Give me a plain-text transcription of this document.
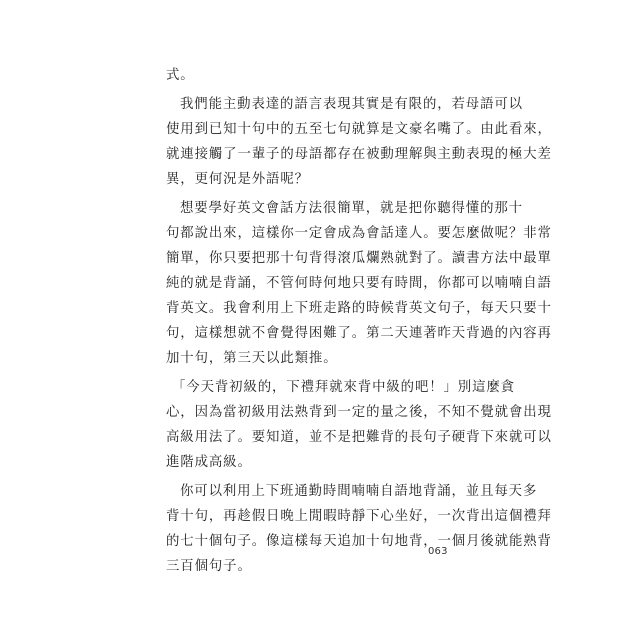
式。

我們能主動表達的語言表現其實是有限的，若母語可以

使用到已知十句中的五至七句就算是文豪名嘴了。由此看來，

就連接觸了一輩子的母語都存在被動理解與主動表現的極大差

異，更何況是外語呢？

想要學好英文會話方法很簡單，就是把你聽得懂的那十

句都說出來，這樣你一定會成為會話達人。要怎麼做呢？非常

簡單，你只要把那十句背得滾瓜爛熟就對了。讀書方法中最單

純的就是背誦，不管何時何地只要有時間，你都可以喃喃自語

背英文。我會利用上下班走路的時候背英文句子，每天只要十

句，這樣想就不會覺得困難了。第二天連著昨天背過的內容再

加十句，第三天以此類推。

「今天背初級的，下禮拜就來背中級的吧！」別這麼貪

心，因為當初級用法熟背到一定的量之後，不知不覺就會出現

高級用法了。要知道，並不是把難背的長句子硬背下來就可以

進階成高級。

你可以利用上下班通勤時間喃喃自語地背誦，並且每天多

背十句，再趁假日晚上閒暇時靜下心坐好，一次背出這個禮拜

的七十個句子。像這樣每天追加十句地背，一個月後就能熟背

三百個句子。

063
